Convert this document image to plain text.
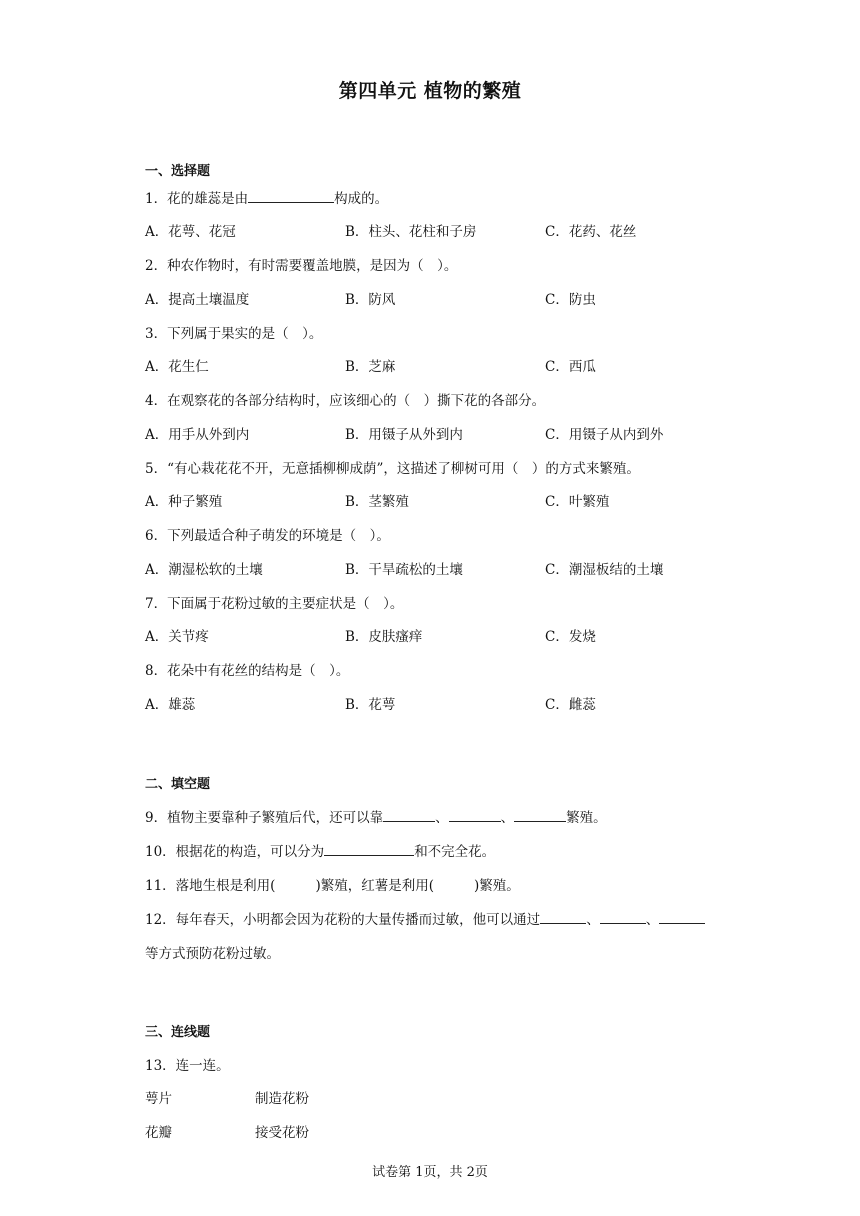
第四单元 植物的繁殖
一、选择题
1．花的雄蕊是由	构成的。
A．花萼、花冠	B．柱头、花柱和子房	C．花药、花丝
2．种农作物时，有时需要覆盖地膜，是因为（　）。
A．提高土壤温度	B．防风	C．防虫
3．下列属于果实的是（　）。
A．花生仁	B．芝麻	C．西瓜
4．在观察花的各部分结构时，应该细心的（　）撕下花的各部分。
A．用手从外到内	B．用镊子从外到内	C．用镊子从内到外
5．“有心栽花花不开，无意插柳柳成荫”，这描述了柳树可用（　）的方式来繁殖。
A．种子繁殖	B．茎繁殖	C．叶繁殖
6．下列最适合种子萌发的环境是（　）。
A．潮湿松软的土壤	B．干旱疏松的土壤	C．潮湿板结的土壤
7．下面属于花粉过敏的主要症状是（　）。
A．关节疼	B．皮肤瘙痒	C．发烧
8．花朵中有花丝的结构是（　）。
A．雄蕊	B．花萼	C．雌蕊
二、填空题
9．植物主要靠种子繁殖后代，还可以靠	、	、	繁殖。
10．根据花的构造，可以分为	和不完全花。
11．落地生根是利用(	)繁殖，红薯是利用(	)繁殖。
12．每年春天，小明都会因为花粉的大量传播而过敏，他可以通过	、	、
等方式预防花粉过敏。
三、连线题
13．连一连。
萼片	制造花粉
花瓣	接受花粉
试卷第 1页，共 2页
